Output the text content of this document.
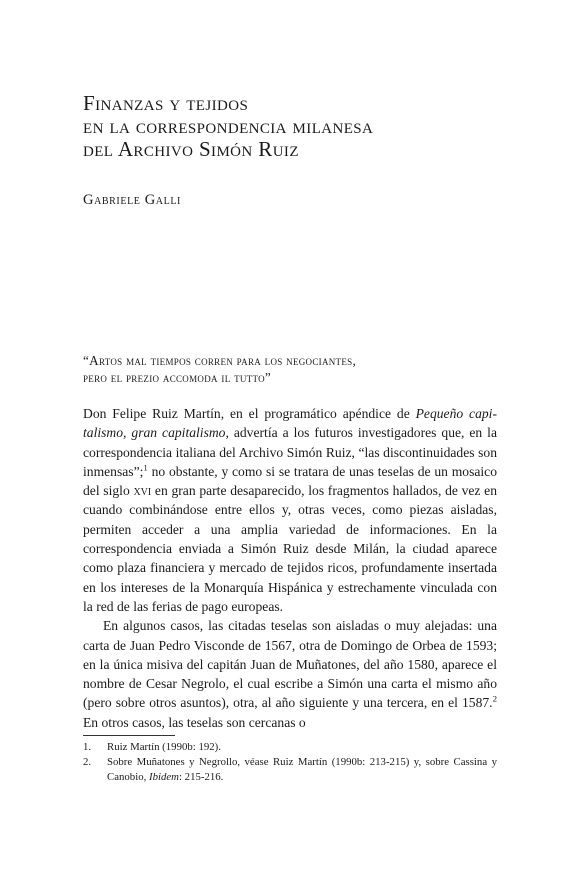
Finanzas y tejidos
en la correspondencia milanesa
del Archivo Simón Ruiz
Gabriele Galli
“Artos mal tiempos corren para los negociantes,
pero el prezio accomoda il tutto”

Don Felipe Ruiz Martín, en el programático apéndice de Pequeño capitalismo, gran capitalismo, advertía a los futuros investigadores que, en la correspondencia italiana del Archivo Simón Ruiz, “las discontinuidades son inmensas”;$^1$ no obstante, y como si se tratara de unas teselas de un mosaico del siglo xvi en gran parte desaparecido, los fragmentos hallados, de vez en cuando combinándose entre ellos y, otras veces, como piezas aisladas, permiten acceder a una amplia variedad de informaciones. En la correspondencia enviada a Simón Ruiz desde Milán, la ciudad aparece como plaza financiera y mercado de tejidos ricos, profundamente insertada en los intereses de la Monarquía Hispánica y estrechamente vinculada con la red de las ferias de pago europeas.

En algunos casos, las citadas teselas son aisladas o muy alejadas: una carta de Juan Pedro Visconde de 1567, otra de Domingo de Orbea de 1593; en la única misiva del capitán Juan de Muñatones, del año 1580, aparece el nombre de Cesar Negrolo, el cual escribe a Simón una carta el mismo año (pero sobre otros asuntos), otra, al año siguiente y una tercera, en el 1587.$^2$ En otros casos, las teselas son cercanas o

1.	Ruiz Martín (1990b: 192).

2.	Sobre Muñatones y Negrollo, véase Ruiz Martín (1990b: 213-215) y, sobre Cassina y Canobio, Ibidem: 215-216.
